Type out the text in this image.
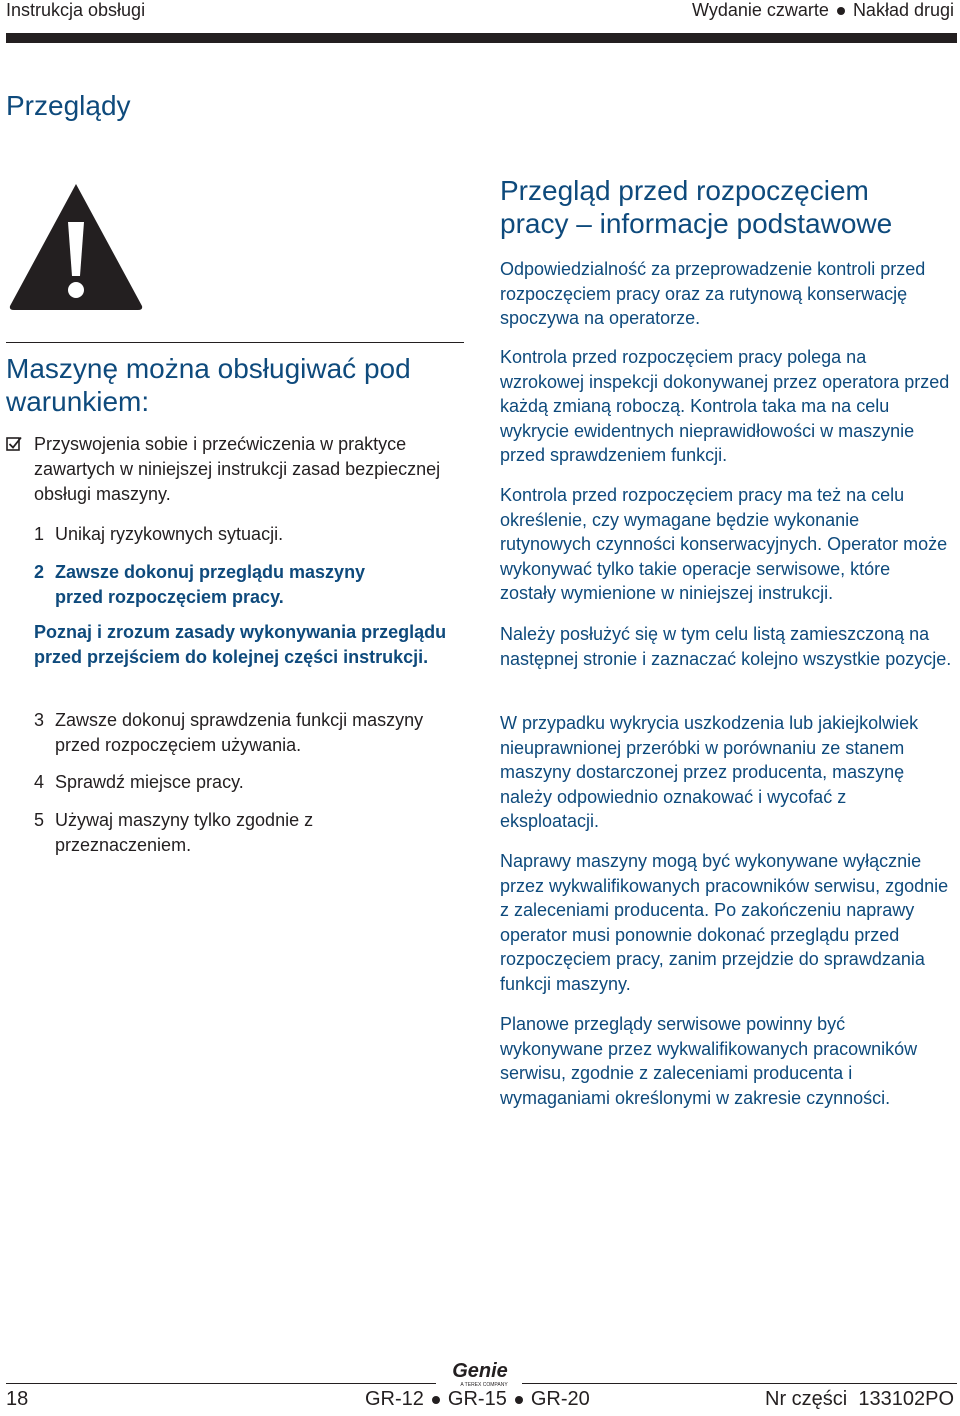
Instrukcja obsługi	Wydanie czwarte Nakład drugi
Przeglądy
Maszynę można obsługiwać pod
warunkiem:
Przyswojenia sobie i przećwiczenia w praktyce zawartych w niniejszej instrukcji zasad bezpiecznej obsługi maszyny.
1 Unikaj ryzykownych sytuacji.
2 Zawsze dokonuj przeglądu maszyny przed rozpoczęciem pracy.
Poznaj i zrozum zasady wykonywania przeglądu przed przejściem do kolejnej części instrukcji.
3 Zawsze dokonuj sprawdzenia funkcji maszyny przed rozpoczęciem używania.
4 Sprawdź miejsce pracy.
5 Używaj maszyny tylko zgodnie z przeznaczeniem.
Przegląd przed rozpoczęciem
pracy – informacje podstawowe

Odpowiedzialność za przeprowadzenie kontroli przed rozpoczęciem pracy oraz za rutynową konserwację spoczywa na operatorze.

Kontrola przed rozpoczęciem pracy polega na wzrokowej inspekcji dokonywanej przez operatora przed każdą zmianą roboczą. Kontrola taka ma na celu wykrycie ewidentnych nieprawidłowości w maszynie przed sprawdzeniem funkcji.

Kontrola przed rozpoczęciem pracy ma też na celu określenie, czy wymagane będzie wykonanie rutynowych czynności konserwacyjnych. Operator może wykonywać tylko takie operacje serwisowe, które zostały wymienione w niniejszej instrukcji.

Należy posłużyć się w tym celu listą zamieszczoną na następnej stronie i zaznaczać kolejno wszystkie pozycje.

W przypadku wykrycia uszkodzenia lub jakiejkolwiek nieuprawnionej przeróbki w porównaniu ze stanem maszyny dostarczonej przez producenta, maszynę należy odpowiednio oznakować i wycofać z eksploatacji.

Naprawy maszyny mogą być wykonywane wyłącznie przez wykwalifikowanych pracowników serwisu, zgodnie z zaleceniami producenta. Po zakończeniu naprawy operator musi ponownie dokonać przeglądu przed rozpoczęciem pracy, zanim przejdzie do sprawdzania funkcji maszyny.

Planowe przeglądy serwisowe powinny być wykonywane przez wykwalifikowanych pracowników serwisu, zgodnie z zaleceniami producenta i wymaganiami określonymi w zakresie czynności.

Genie
A TEREX COMPANY
18	GR-12 GR-15 GR-20	Nr części 133102PO
